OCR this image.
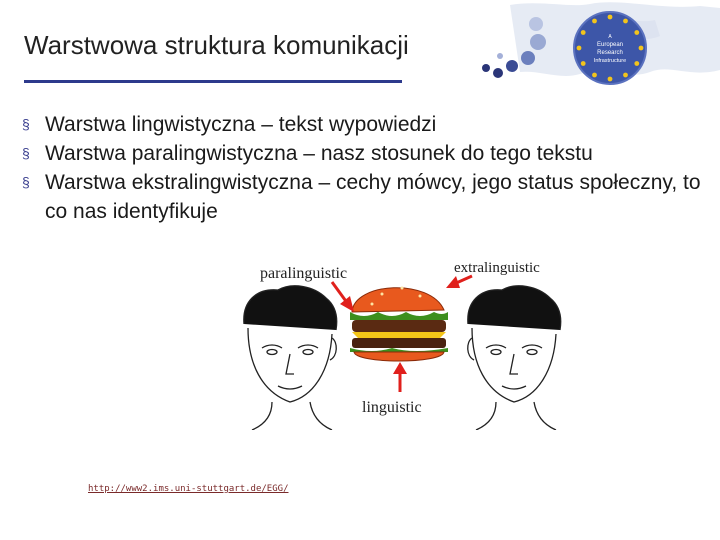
Warstwowa struktura komunikacji	A
European
Research
Infrastructure
§ Warstwa lingwistyczna – tekst wypowiedzi
§ Warstwa paralingwistyczna – nasz stosunek do tego tekstu
§ Warstwa ekstralingwistyczna – cechy mówcy, jego status społeczny, to co nas identyfikuje
paralinguistic	extralinguistic
linguistic
http://www2.ims.uni-stuttgart.de/EGG/
